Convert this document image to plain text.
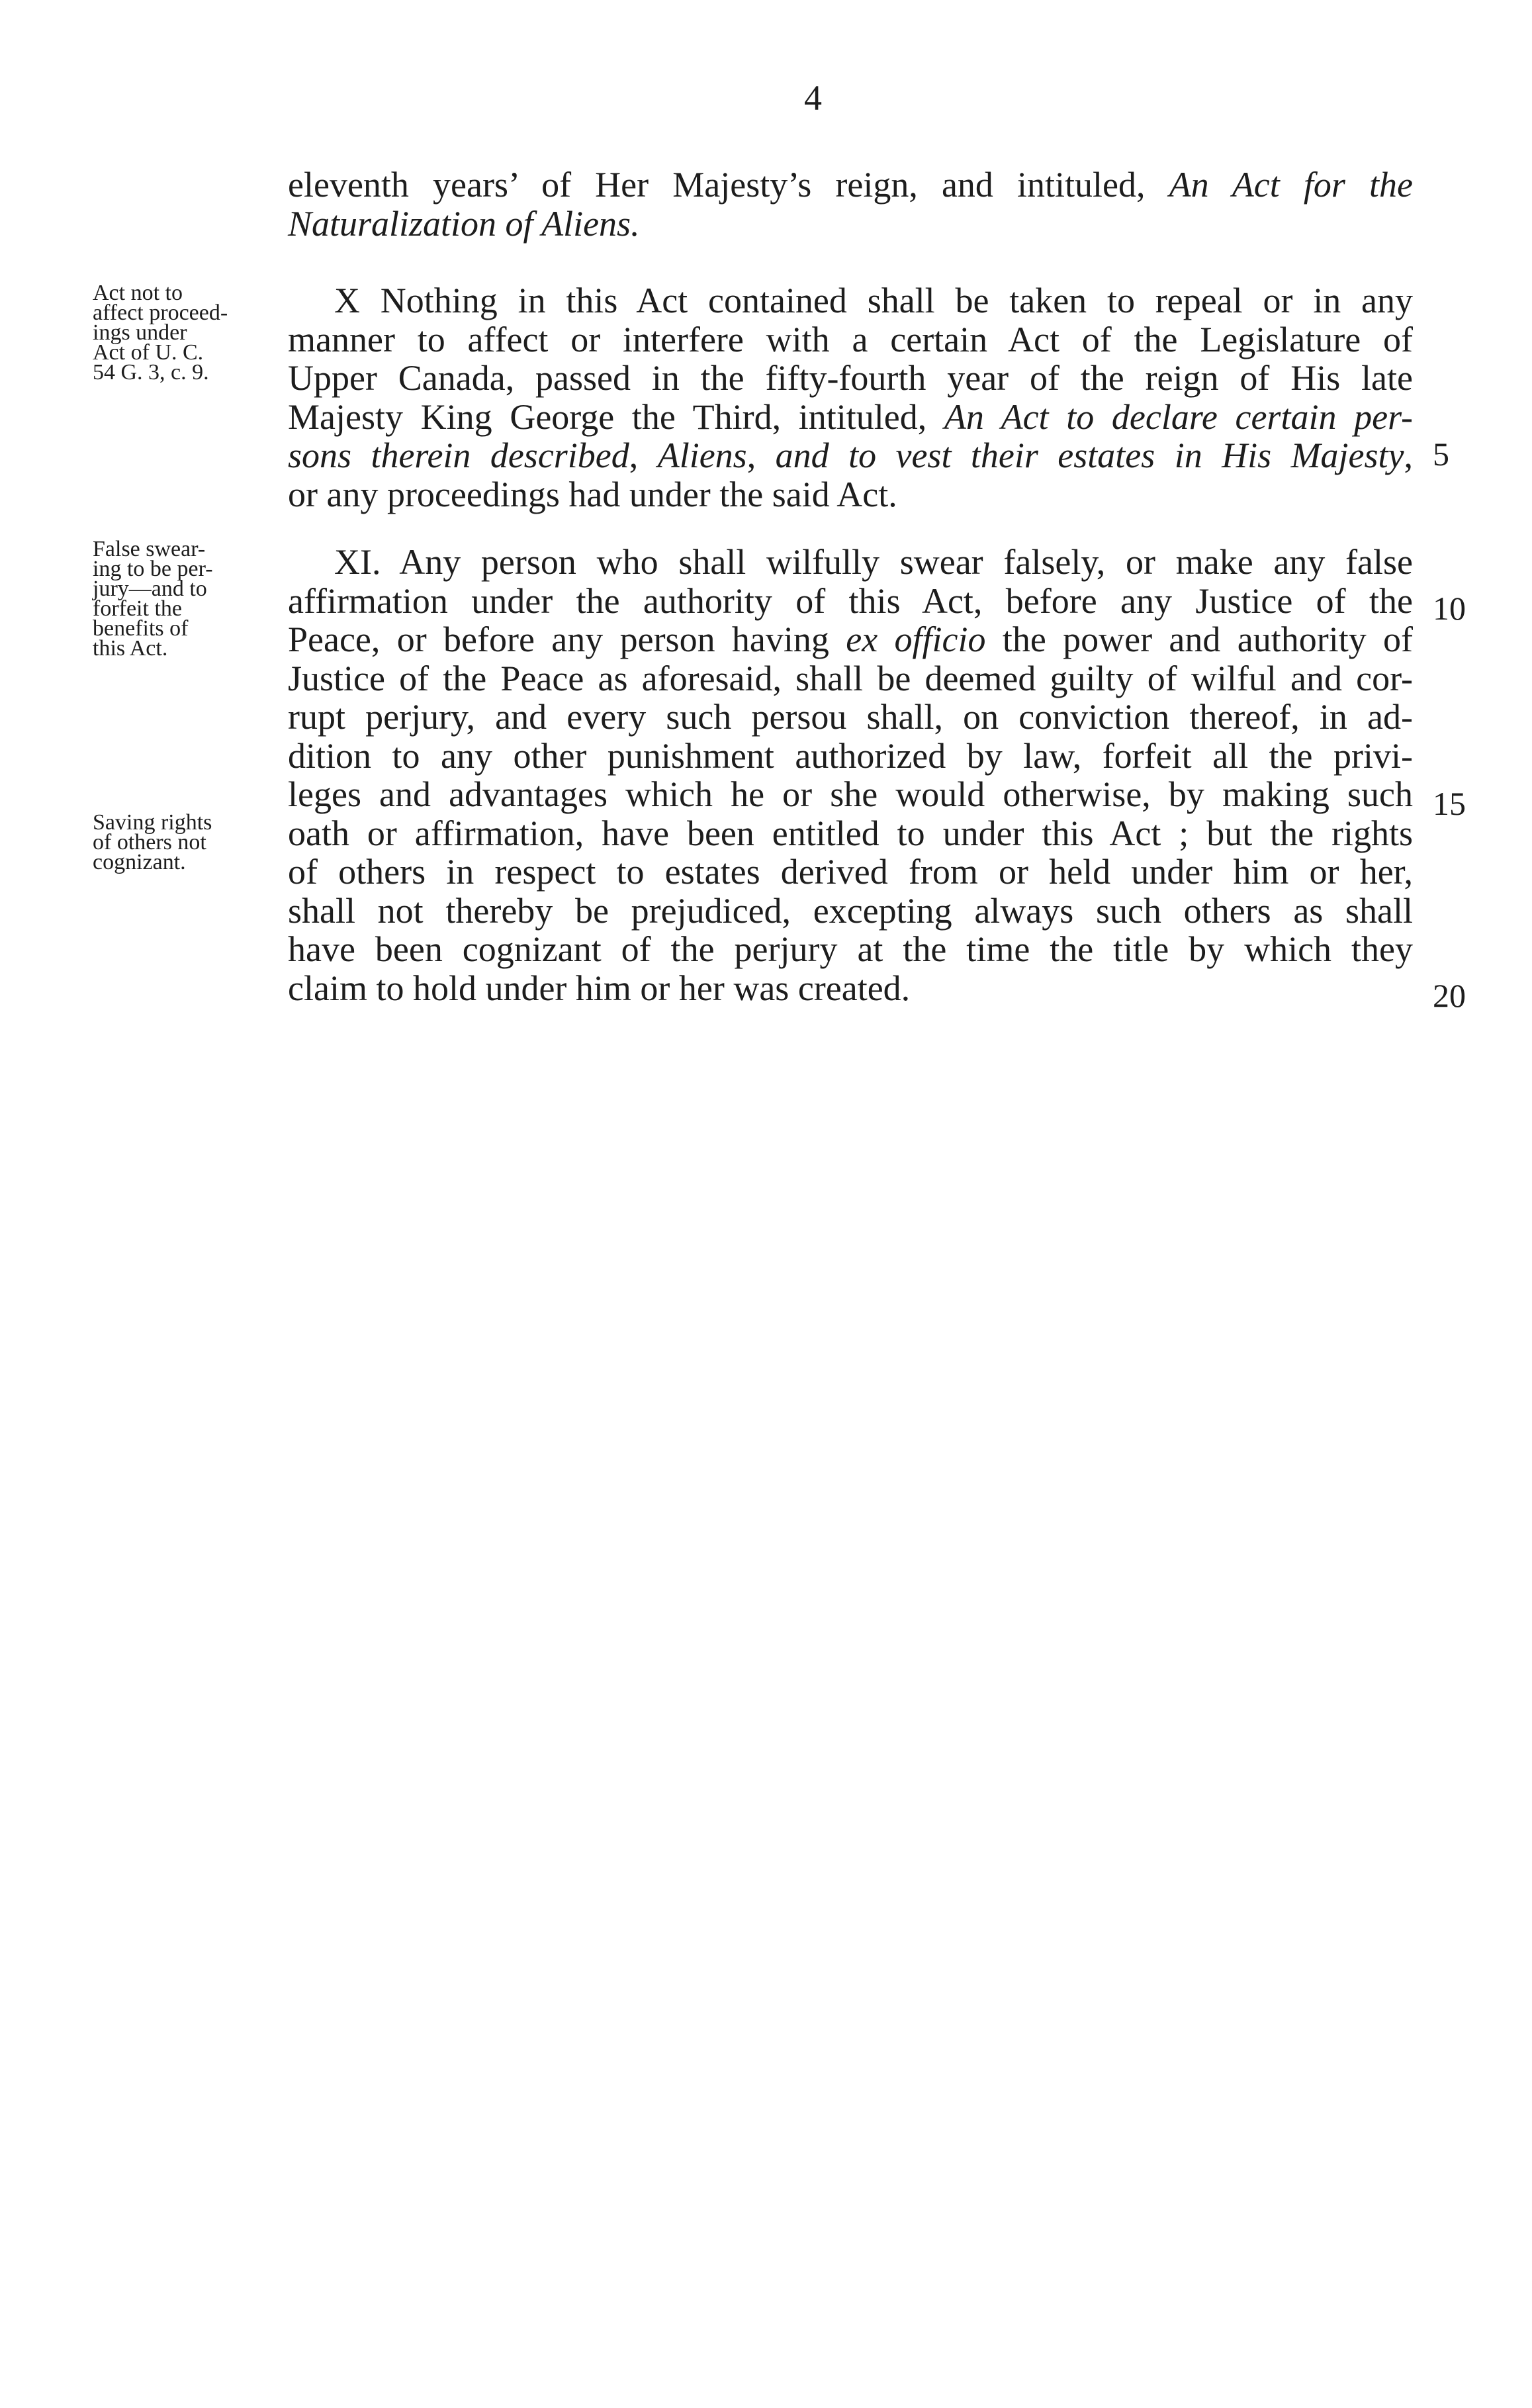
4
eleventh years’ of Her Majesty’s reign, and intituled, An Act for the
Naturalization of Aliens.
Act not to
affect proceed-
ings under
Act of U. C.
54 G. 3, c. 9.
X Nothing in this Act contained shall be taken to repeal or in any
manner to affect or interfere with a certain Act of the Legislature of
Upper Canada, passed in the fifty-fourth year of the reign of His late
Majesty King George the Third, intituled, An Act to declare certain per-
sons therein described, Aliens, and to vest their estates in His Majesty,
or any proceedings had under the said Act.
False swear-
ing to be per-
jury—and to
forfeit the
benefits of
this Act.
Saving rights
of others not
cognizant.
XI. Any person who shall wilfully swear falsely, or make any false
affirmation under the authority of this Act, before any Justice of the
Peace, or before any person having ex officio the power and authority of
Justice of the Peace as aforesaid, shall be deemed guilty of wilful and cor-
rupt perjury, and every such persou shall, on conviction thereof, in ad-
dition to any other punishment authorized by law, forfeit all the privi-
leges and advantages which he or she would otherwise, by making such
oath or affirmation, have been entitled to under this Act ; but the rights
of others in respect to estates derived from or held under him or her,
shall not thereby be prejudiced, excepting always such others as shall
have been cognizant of the perjury at the time the title by which they
claim to hold under him or her was created.
5
10
15
20
